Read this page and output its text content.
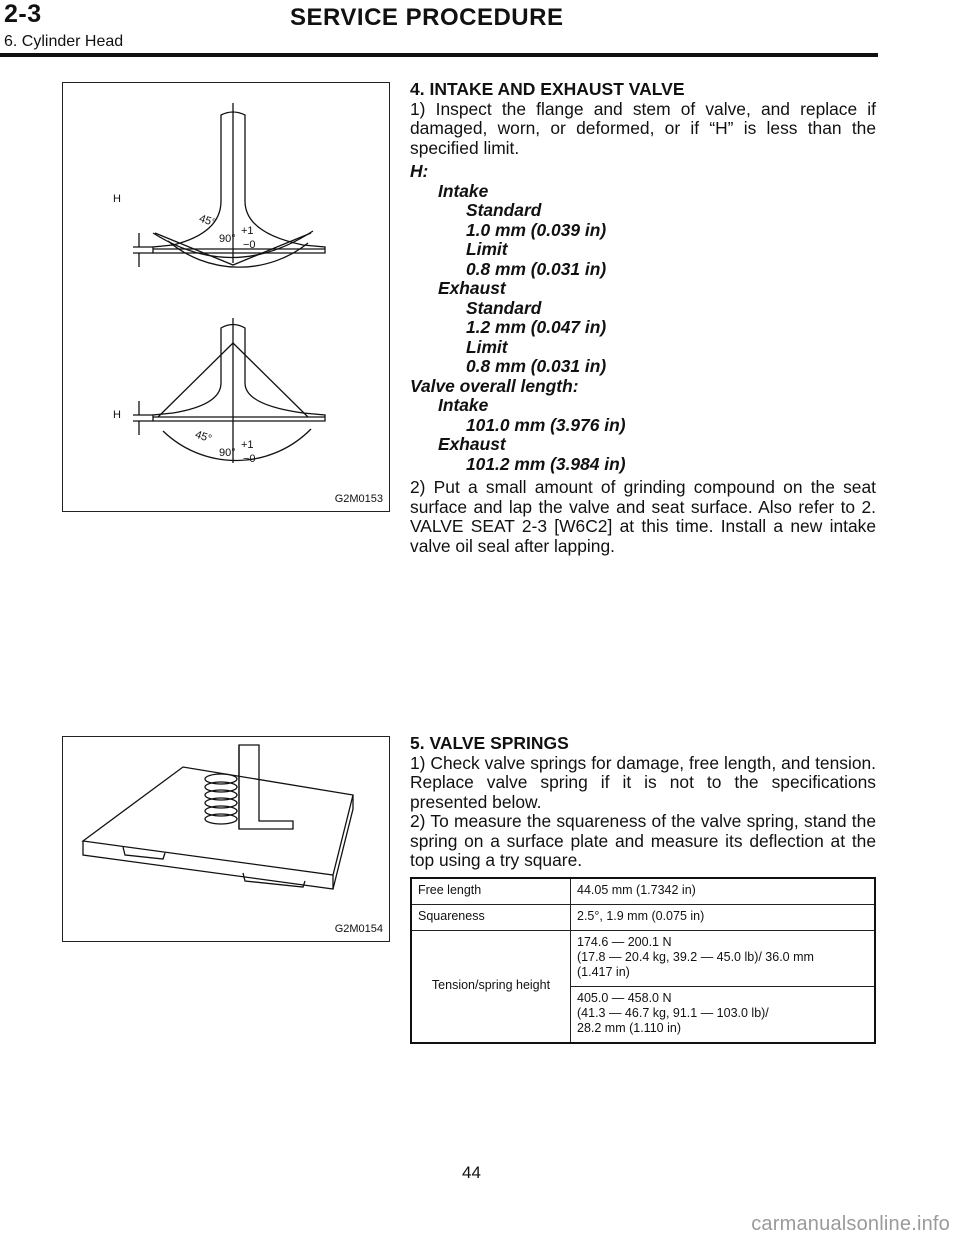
2-3	SERVICE PROCEDURE
6. Cylinder Head
H
45°
90°
+1
−0
H
45°
90°
+1
−0
G2M0153
G2M0154

4. INTAKE AND EXHAUST VALVE

1) Inspect the flange and stem of valve, and replace if damaged, worn, or deformed, or if “H” is less than the specified limit.

H:

Intake

Standard

1.0 mm (0.039 in)

Limit

0.8 mm (0.031 in)

Exhaust

Standard

1.2 mm (0.047 in)

Limit

0.8 mm (0.031 in)

Valve overall length:

Intake

101.0 mm (3.976 in)

Exhaust

101.2 mm (3.984 in)

2) Put a small amount of grinding compound on the seat surface and lap the valve and seat surface. Also refer to 2. VALVE SEAT 2-3 [W6C2] at this time. Install a new intake valve oil seal after lapping.

5. VALVE SPRINGS

1) Check valve springs for damage, free length, and tension. Replace valve spring if it is not to the specifications presented below.

2) To measure the squareness of the valve spring, stand the spring on a surface plate and measure its deflection at the top using a try square.

Free length	44.05 mm (1.7342 in)
Squareness	2.5°, 1.9 mm (0.075 in)
Tension/spring height	174.6 — 200.1 N
(17.8 — 20.4 kg, 39.2 — 45.0 lb)/ 36.0 mm
(1.417 in)
	405.0 — 458.0 N
(41.3 — 46.7 kg, 91.1 — 103.0 lb)/
28.2 mm (1.110 in)
44
carmanualsonline.info
